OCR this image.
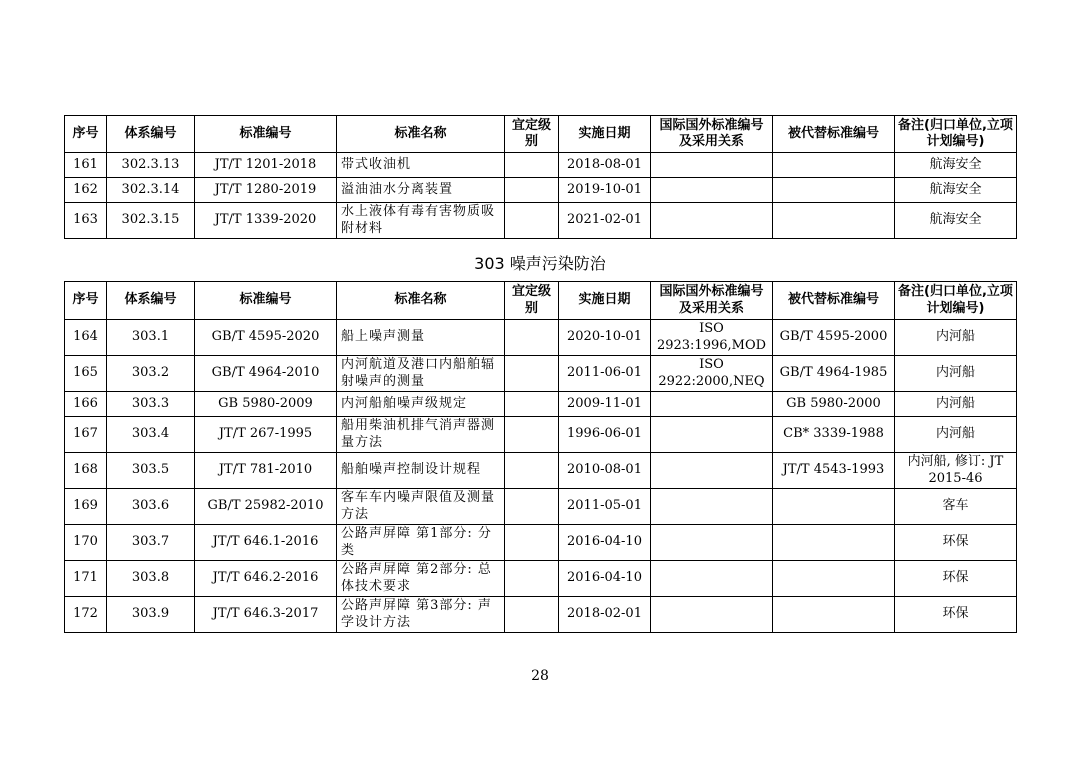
序号	体系编号	标准编号	标准名称	宜定级别	实施日期	国际国外标准编号及采用关系	被代替标准编号	备注(归口单位,立项计划编号)
161	302.3.13	JT/T 1201-2018	带式收油机		2018-08-01			航海安全
162	302.3.14	JT/T 1280-2019	溢油油水分离装置		2019-10-01			航海安全
163	302.3.15	JT/T 1339-2020	水上液体有毒有害物质吸附材料		2021-02-01			航海安全
303 噪声污染防治
序号	体系编号	标准编号	标准名称	宜定级别	实施日期	国际国外标准编号及采用关系	被代替标准编号	备注(归口单位,立项计划编号)
164	303.1	GB/T 4595-2020	船上噪声测量		2020-10-01	ISO 2923:1996,MOD	GB/T 4595-2000	内河船
165	303.2	GB/T 4964-2010	内河航道及港口内船舶辐射噪声的测量		2011-06-01	ISO 2922:2000,NEQ	GB/T 4964-1985	内河船
166	303.3	GB 5980-2009	内河船舶噪声级规定		2009-11-01		GB 5980-2000	内河船
167	303.4	JT/T 267-1995	船用柴油机排气消声器测量方法		1996-06-01		CB* 3339-1988	内河船
168	303.5	JT/T 781-2010	船舶噪声控制设计规程		2010-08-01		JT/T 4543-1993	内河船, 修订: JT 2015-46
169	303.6	GB/T 25982-2010	客车车内噪声限值及测量方法		2011-05-01			客车
170	303.7	JT/T 646.1-2016	公路声屏障 第1部分: 分类		2016-04-10			环保
171	303.8	JT/T 646.2-2016	公路声屏障 第2部分: 总体技术要求		2016-04-10			环保
172	303.9	JT/T 646.3-2017	公路声屏障 第3部分: 声学设计方法		2018-02-01			环保
28
